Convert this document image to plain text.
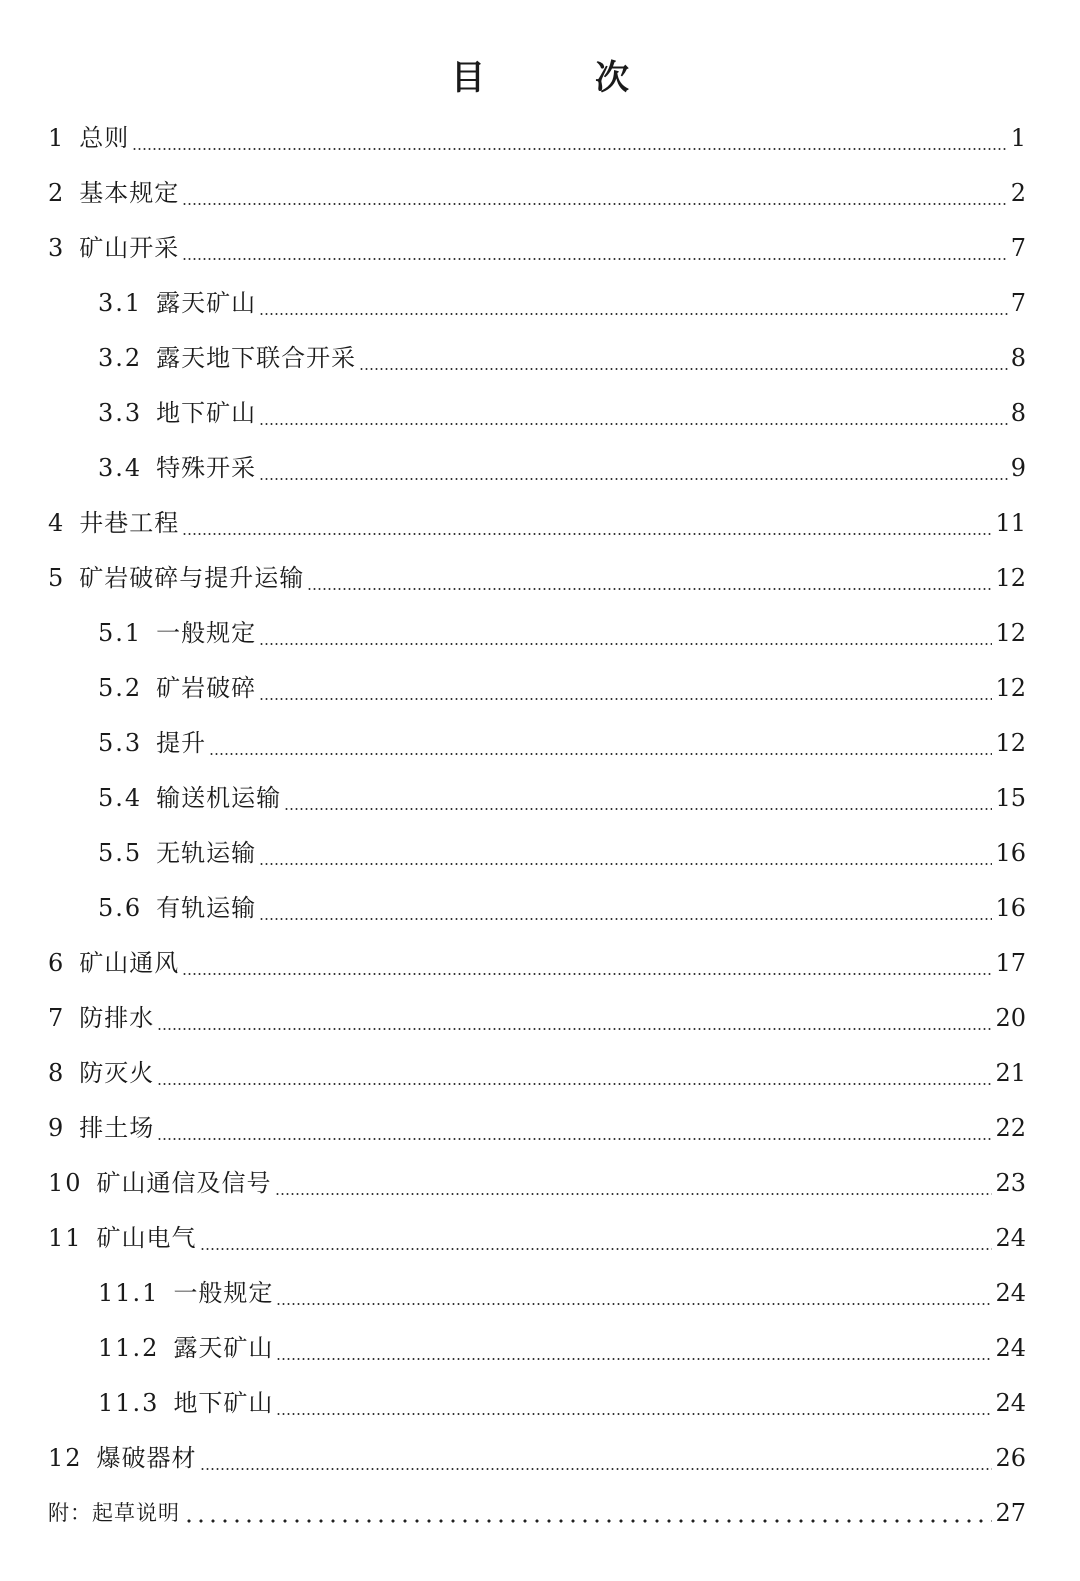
目　次
1 总则	1
2 基本规定	2
3 矿山开采	7
3.1 露天矿山	7
3.2 露天地下联合开采	8
3.3 地下矿山	8
3.4 特殊开采	9
4 井巷工程	11
5 矿岩破碎与提升运输	12
5.1 一般规定	12
5.2 矿岩破碎	12
5.3 提升	12
5.4 输送机运输	15
5.5 无轨运输	16
5.6 有轨运输	16
6 矿山通风	17
7 防排水	20
8 防灭火	21
9 排土场	22
10 矿山通信及信号	23
11 矿山电气	24
11.1 一般规定	24
11.2 露天矿山	24
11.3 地下矿山	24
12 爆破器材	26
附：起草说明	27
